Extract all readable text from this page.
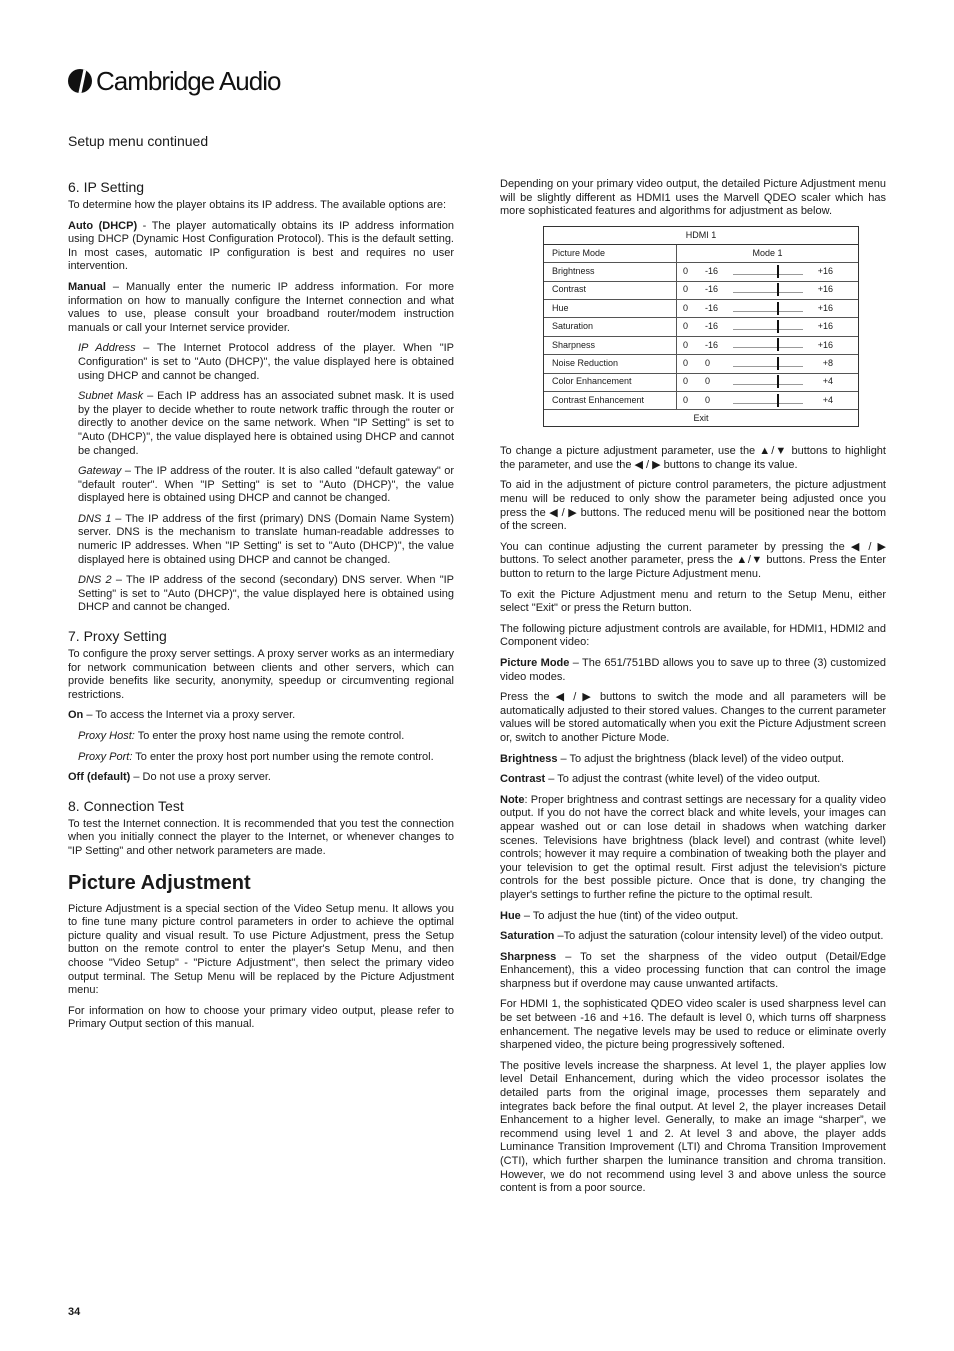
Cambridge Audio
Setup menu continued
6. IP Setting

To determine how the player obtains its IP address. The available options are:

Auto (DHCP) - The player automatically obtains its IP address information using DHCP (Dynamic Host Configuration Protocol). This is the default setting. In most cases, automatic IP configuration is best and requires no user intervention.

Manual – Manually enter the numeric IP address information. For more information on how to manually configure the Internet connection and what values to use, please consult your broadband router/modem instruction manuals or call your Internet service provider.

IP Address – The Internet Protocol address of the player. When "IP Configuration" is set to "Auto (DHCP)", the value displayed here is obtained using DHCP and cannot be changed.

Subnet Mask – Each IP address has an associated subnet mask. It is used by the player to decide whether to route network traffic through the router or directly to another device on the same network. When "IP Setting" is set to "Auto (DHCP)", the value displayed here is obtained using DHCP and cannot be changed.

Gateway – The IP address of the router. It is also called "default gateway" or "default router". When "IP Setting" is set to "Auto (DHCP)", the value displayed here is obtained using DHCP and cannot be changed.

DNS 1 – The IP address of the first (primary) DNS (Domain Name System) server. DNS is the mechanism to translate human-readable addresses to numeric IP addresses. When "IP Setting" is set to "Auto (DHCP)", the value displayed here is obtained using DHCP and cannot be changed.

DNS 2 – The IP address of the second (secondary) DNS server. When "IP Setting" is set to "Auto (DHCP)", the value displayed here is obtained using DHCP and cannot be changed.

7. Proxy Setting

To configure the proxy server settings. A proxy server works as an intermediary for network communication between clients and other servers, which can provide benefits like security, anonymity, speedup or circumventing regional restrictions.

On – To access the Internet via a proxy server.

Proxy Host: To enter the proxy host name using the remote control.

Proxy Port: To enter the proxy host port number using the remote control.

Off (default) – Do not use a proxy server.

8. Connection Test

To test the Internet connection. It is recommended that you test the connection when you initially connect the player to the Internet, or whenever changes to "IP Setting" and other network parameters are made.

Picture Adjustment

Picture Adjustment is a special section of the Video Setup menu. It allows you to fine tune many picture control parameters in order to achieve the optimal picture quality and visual result. To use Picture Adjustment, press the Setup button on the remote control to enter the player's Setup Menu, and then choose "Video Setup" - "Picture Adjustment", then select the primary video output terminal. The Setup Menu will be replaced by the Picture Adjustment menu:

For information on how to choose your primary video output, please refer to Primary Output section of this manual.

Depending on your primary video output, the detailed Picture Adjustment menu will be slightly different as HDMI1 uses the Marvell QDEO scaler which has more sophisticated features and algorithms for adjustment as below.

HDMI 1
Picture Mode	Mode 1
Brightness	0	-16	+16
Contrast	0	-16	+16
Hue	0	-16	+16
Saturation	0	-16	+16
Sharpness	0	-16	+16
Noise Reduction	0	0	+8
Color Enhancement	0	0	+4
Contrast Enhancement	0	0	+4
Exit

To change a picture adjustment parameter, use the ▲/▼ buttons to highlight the parameter, and use the ◀ / ▶ buttons to change its value.

To aid in the adjustment of picture control parameters, the picture adjustment menu will be reduced to only show the parameter being adjusted once you press the ◀ / ▶ buttons. The reduced menu will be positioned near the bottom of the screen.

You can continue adjusting the current parameter by pressing the ◀ / ▶ buttons. To select another parameter, press the ▲/▼ buttons. Press the Enter button to return to the large Picture Adjustment menu.

To exit the Picture Adjustment menu and return to the Setup Menu, either select "Exit" or press the Return button.

The following picture adjustment controls are available, for HDMI1, HDMI2 and Component video:

Picture Mode – The 651/751BD allows you to save up to three (3) customized video modes.

Press the ◀ / ▶ buttons to switch the mode and all parameters will be automatically adjusted to their stored values. Changes to the current parameter values will be stored automatically when you exit the Picture Adjustment screen or, switch to another Picture Mode.

Brightness – To adjust the brightness (black level) of the video output.

Contrast – To adjust the contrast (white level) of the video output.

Note: Proper brightness and contrast settings are necessary for a quality video output. If you do not have the correct black and white levels, your images can appear washed out or can lose detail in shadows when watching darker scenes. Televisions have brightness (black level) and contrast (white level) controls; however it may require a combination of tweaking both the player and your television to get the optimal result. First adjust the television's picture controls for the best possible picture. Once that is done, try changing the player's settings to further refine the picture to the optimal result.

Hue – To adjust the hue (tint) of the video output.

Saturation –To adjust the saturation (colour intensity level) of the video output.

Sharpness – To set the sharpness of the video output (Detail/Edge Enhancement), this a video processing function that can control the image sharpness but if overdone may cause unwanted artifacts.

For HDMI 1, the sophisticated QDEO video scaler is used sharpness level can be set between -16 and +16. The default is level 0, which turns off sharpness enhancement. The negative levels may be used to reduce or eliminate overly sharpened video, the picture being progressively softened.

The positive levels increase the sharpness. At level 1, the player applies low level Detail Enhancement, during which the video processor isolates the detailed parts from the original image, processes them separately and integrates back before the final output. At level 2, the player increases Detail Enhancement to a higher level. Generally, to make an image “sharper”, we recommend using level 1 and 2. At level 3 and above, the player adds Luminance Transition Improvement (LTI) and Chroma Transition Improvement (CTI), which further sharpen the luminance transition and chroma transition. However, we do not recommend using level 3 and above unless the source content is from a poor source.

34
